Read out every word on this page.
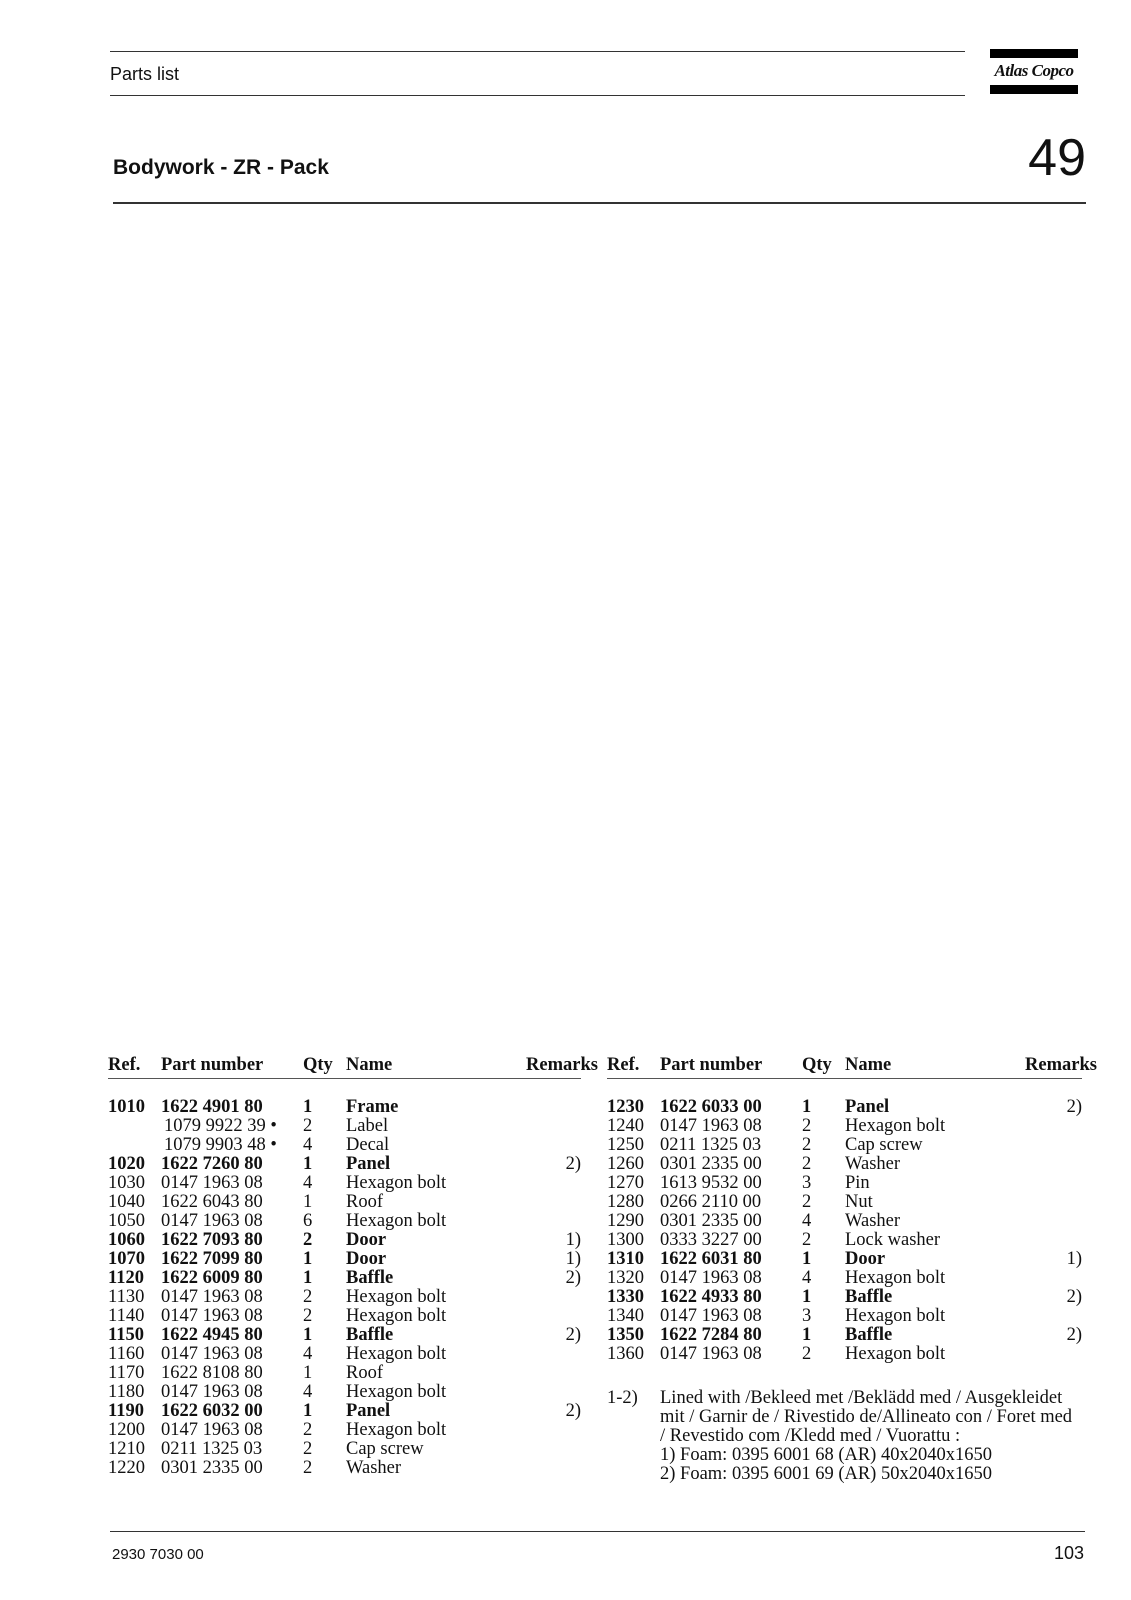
Parts list	Atlas Copco
Bodywork - ZR - Pack	49
Ref.	Part number	Qty	Name	Remarks

1010	1622 4901 80	1	Frame	
	1079 9922 39 •	2	Label	
	1079 9903 48 •	4	Decal	
1020	1622 7260 80	1	Panel	2)
1030	0147 1963 08	4	Hexagon bolt	
1040	1622 6043 80	1	Roof	
1050	0147 1963 08	6	Hexagon bolt	
1060	1622 7093 80	2	Door	1)
1070	1622 7099 80	1	Door	1)
1120	1622 6009 80	1	Baffle	2)
1130	0147 1963 08	2	Hexagon bolt	
1140	0147 1963 08	2	Hexagon bolt	
1150	1622 4945 80	1	Baffle	2)
1160	0147 1963 08	4	Hexagon bolt	
1170	1622 8108 80	1	Roof	
1180	0147 1963 08	4	Hexagon bolt	
1190	1622 6032 00	1	Panel	2)
1200	0147 1963 08	2	Hexagon bolt	
1210	0211 1325 03	2	Cap screw	
1220	0301 2335 00	2	Washer	
Ref.	Part number	Qty	Name	Remarks

1230	1622 6033 00	1	Panel	2)
1240	0147 1963 08	2	Hexagon bolt	
1250	0211 1325 03	2	Cap screw	
1260	0301 2335 00	2	Washer	
1270	1613 9532 00	3	Pin	
1280	0266 2110 00	2	Nut	
1290	0301 2335 00	4	Washer	
1300	0333 3227 00	2	Lock washer	
1310	1622 6031 80	1	Door	1)
1320	0147 1963 08	4	Hexagon bolt	
1330	1622 4933 80	1	Baffle	2)
1340	0147 1963 08	3	Hexagon bolt	
1350	1622 7284 80	1	Baffle	2)
1360	0147 1963 08	2	Hexagon bolt	
1-2) Lined with /Bekleed met /Beklädd med / Ausgekleidet
mit / Garnir de / Rivestido de/Allineato con / Foret med
/ Revestido com /Kledd med / Vuorattu :
1) Foam: 0395 6001 68 (AR) 40x2040x1650
2) Foam: 0395 6001 69 (AR) 50x2040x1650
2930 7030 00	103
